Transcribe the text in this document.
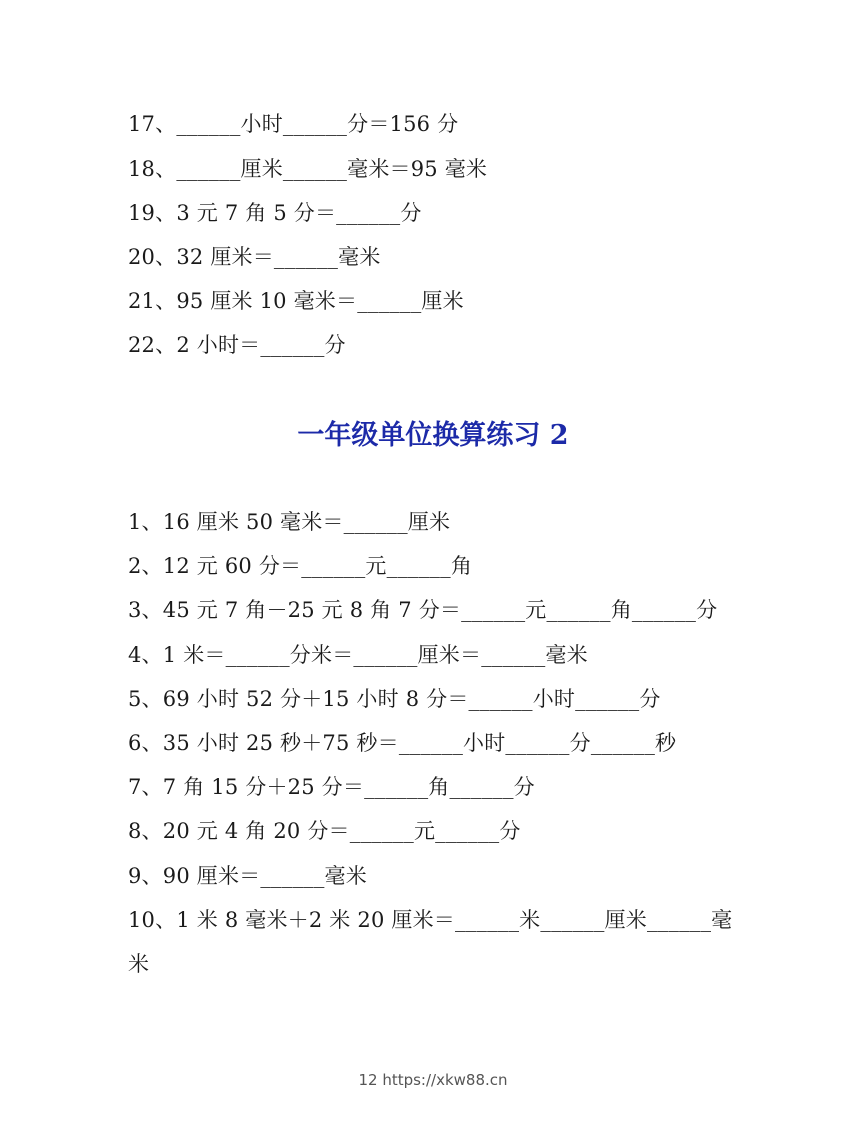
17、______小时______分＝156 分
18、______厘米______毫米＝95 毫米
19、3 元 7 角 5 分＝______分
20、32 厘米＝______毫米
21、95 厘米 10 毫米＝______厘米
22、2 小时＝______分
一年级单位换算练习 2
1、16 厘米 50 毫米＝______厘米
2、12 元 60 分＝______元______角
3、45 元 7 角－25 元 8 角 7 分＝______元______角______分
4、1 米＝______分米＝______厘米＝______毫米
5、69 小时 52 分＋15 小时 8 分＝______小时______分
6、35 小时 25 秒＋75 秒＝______小时______分______秒
7、7 角 15 分＋25 分＝______角______分
8、20 元 4 角 20 分＝______元______分
9、90 厘米＝______毫米
10、1 米 8 毫米＋2 米 20 厘米＝______米______厘米______毫米
12 https://xkw88.cn
